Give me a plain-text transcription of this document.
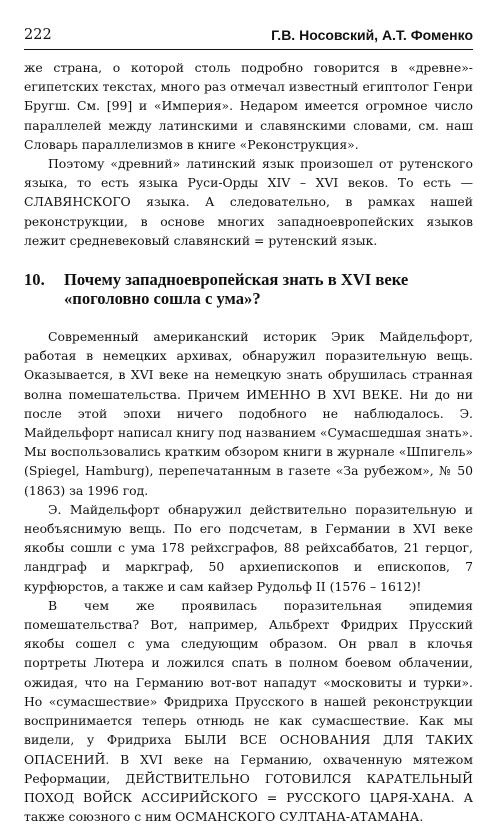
222	Г.В. Носовский, А.Т. Фоменко

же страна, о которой столь подробно говорится в «древне»-египетских текстах, много раз отмечал известный египтолог Генри Бругш. См. [99] и «Империя». Недаром имеется огромное число параллелей между латинскими и славянскими словами, см. наш Словарь параллелизмов в книге «Реконструкция».

Поэтому «древний» латинский язык произошел от рутенского языка, то есть языка Руси-Орды XIV – XVI веков. То есть — СЛАВЯНСКОГО языка. А следовательно, в рамках нашей реконструкции, в основе многих западноевропейских языков лежит средневековый славянский = рутенский язык.

10. Почему западноевропейская знать в XVI веке «поголовно сошла с ума»?

Современный американский историк Эрик Майдельфорт, работая в немецких архивах, обнаружил поразительную вещь. Оказывается, в XVI веке на немецкую знать обрушилась странная волна помешательства. Причем ИМЕННО В XVI ВЕКЕ. Ни до ни после этой эпохи ничего подобного не наблюдалось. Э. Майдельфорт написал книгу под названием «Сумасшедшая знать». Мы воспользовались кратким обзором книги в журнале «Шпигель» (Spiegel, Hamburg), перепечатанным в газете «За рубежом», № 50 (1863) за 1996 год.

Э. Майдельфорт обнаружил действительно поразительную и необъяснимую вещь. По его подсчетам, в Германии в XVI веке якобы сошли с ума 178 рейхсграфов, 88 рейхсаббатов, 21 герцог, ландграф и маркграф, 50 архиепископов и епископов, 7 курфюрстов, а также и сам кайзер Рудольф II (1576 – 1612)!

В чем же проявилась поразительная эпидемия помешательства? Вот, например, Альбрехт Фридрих Прусский якобы сошел с ума следующим образом. Он рвал в клочья портреты Лютера и ложился спать в полном боевом облачении, ожидая, что на Германию вот-вот нападут «московиты и турки». Но «сумасшествие» Фридриха Прусского в нашей реконструкции воспринимается теперь отнюдь не как сумасшествие. Как мы видели, у Фридриха БЫЛИ ВСЕ ОСНОВАНИЯ ДЛЯ ТАКИХ ОПАСЕНИЙ. В XVI веке на Германию, охваченную мятежом Реформации, ДЕЙСТВИТЕЛЬНО ГОТОВИЛСЯ КАРАТЕЛЬНЫЙ ПОХОД ВОЙСК АССИРИЙСКОГО = РУССКОГО ЦАРЯ-ХАНА. А также союзного с ним ОСМАНСКОГО СУЛТАНА-АТАМАНА.
